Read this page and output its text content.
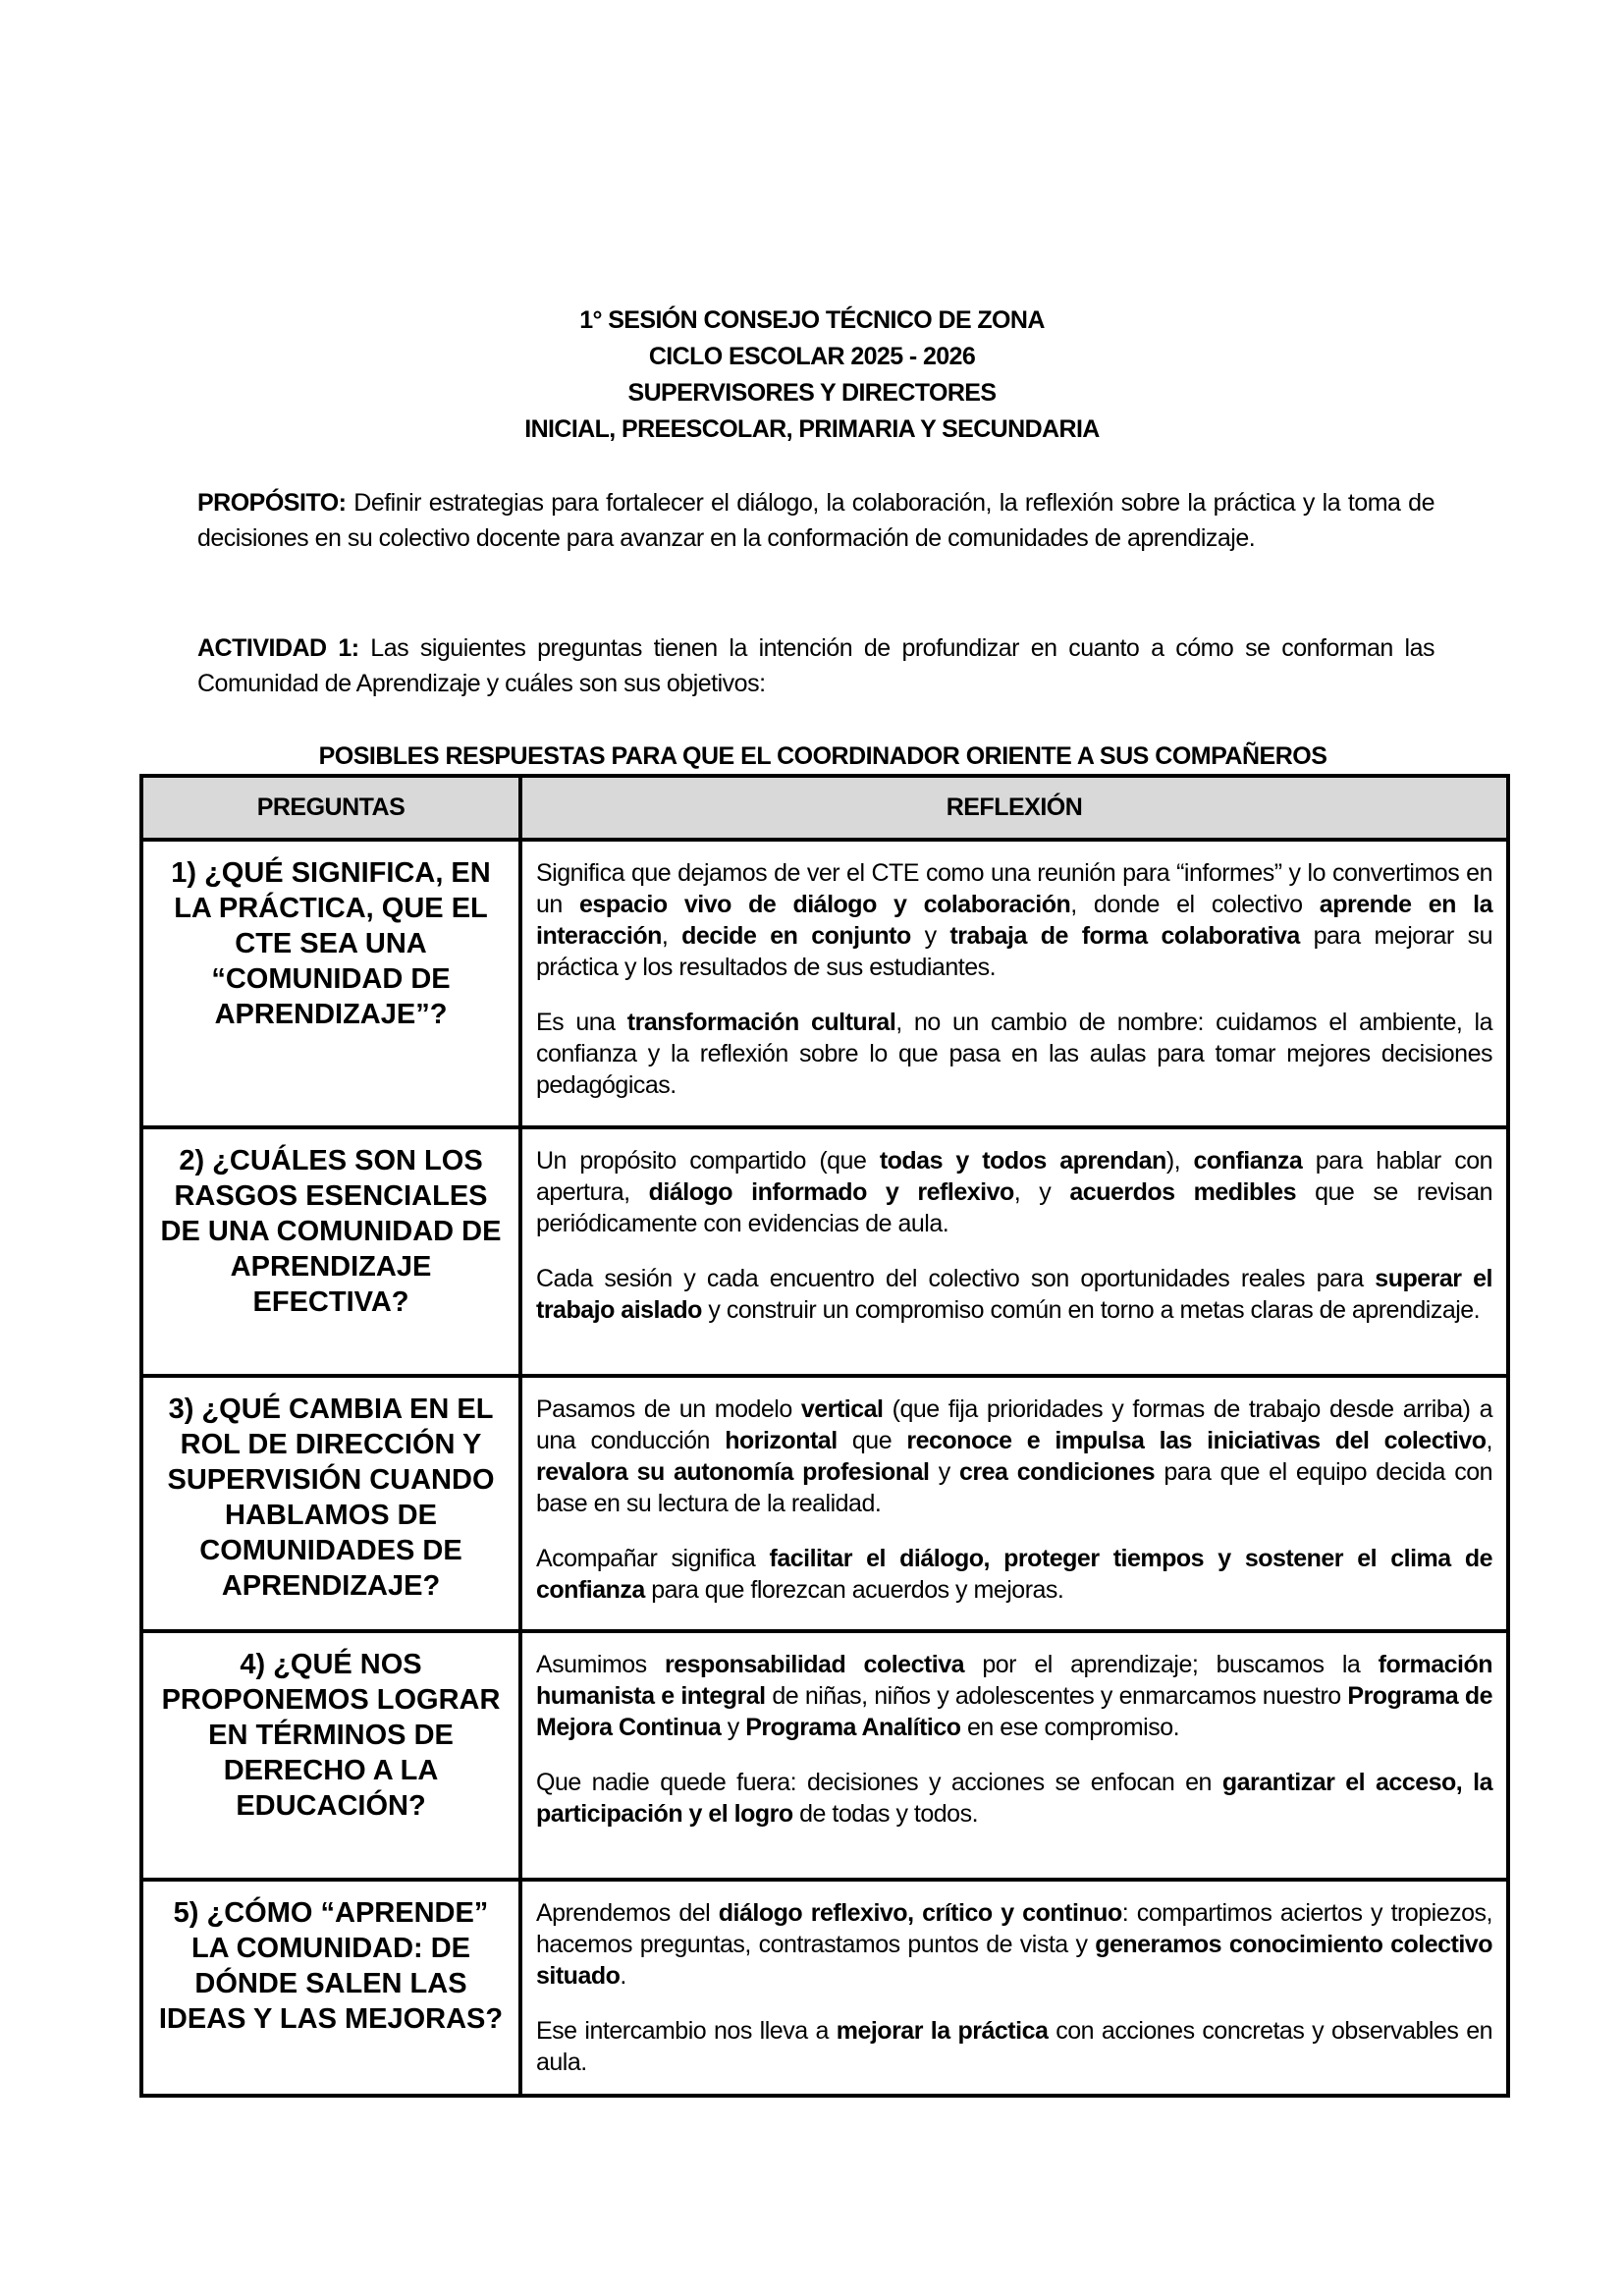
1° SESIÓN CONSEJO TÉCNICO DE ZONA
CICLO ESCOLAR 2025 - 2026
SUPERVISORES Y DIRECTORES
INICIAL, PREESCOLAR, PRIMARIA Y SECUNDARIA
PROPÓSITO: Definir estrategias para fortalecer el diálogo, la colaboración, la reflexión sobre la práctica y la toma de decisiones en su colectivo docente para avanzar en la conformación de comunidades de aprendizaje.
ACTIVIDAD 1: Las siguientes preguntas tienen la intención de profundizar en cuanto a cómo se conforman las Comunidad de Aprendizaje y cuáles son sus objetivos:
POSIBLES RESPUESTAS PARA QUE EL COORDINADOR ORIENTE A SUS COMPAÑEROS
PREGUNTAS	REFLEXIÓN
1) ¿QUÉ SIGNIFICA, EN LA PRÁCTICA, QUE EL CTE SEA UNA “COMUNIDAD DE APRENDIZAJE”?	Significa que dejamos de ver el CTE como una reunión para “informes” y lo convertimos en un espacio vivo de diálogo y colaboración, donde el colectivo aprende en la interacción, decide en conjunto y trabaja de forma colaborativa para mejorar su práctica y los resultados de sus estudiantes.

Es una transformación cultural, no un cambio de nombre: cuidamos el ambiente, la confianza y la reflexión sobre lo que pasa en las aulas para tomar mejores decisiones pedagógicas.

2) ¿CUÁLES SON LOS RASGOS ESENCIALES DE UNA COMUNIDAD DE APRENDIZAJE EFECTIVA?	Un propósito compartido (que todas y todos aprendan), confianza para hablar con apertura, diálogo informado y reflexivo, y acuerdos medibles que se revisan periódicamente con evidencias de aula.

Cada sesión y cada encuentro del colectivo son oportunidades reales para superar el trabajo aislado y construir un compromiso común en torno a metas claras de aprendizaje.

3) ¿QUÉ CAMBIA EN EL ROL DE DIRECCIÓN Y SUPERVISIÓN CUANDO HABLAMOS DE COMUNIDADES DE APRENDIZAJE?	Pasamos de un modelo vertical (que fija prioridades y formas de trabajo desde arriba) a una conducción horizontal que reconoce e impulsa las iniciativas del colectivo, revalora su autonomía profesional y crea condiciones para que el equipo decida con base en su lectura de la realidad.

Acompañar significa facilitar el diálogo, proteger tiempos y sostener el clima de confianza para que florezcan acuerdos y mejoras.

4) ¿QUÉ NOS PROPONEMOS LOGRAR EN TÉRMINOS DE DERECHO A LA EDUCACIÓN?	Asumimos responsabilidad colectiva por el aprendizaje; buscamos la formación humanista e integral de niñas, niños y adolescentes y enmarcamos nuestro Programa de Mejora Continua y Programa Analítico en ese compromiso.

Que nadie quede fuera: decisiones y acciones se enfocan en garantizar el acceso, la participación y el logro de todas y todos.

5) ¿CÓMO “APRENDE” LA COMUNIDAD: DE DÓNDE SALEN LAS IDEAS Y LAS MEJORAS?	Aprendemos del diálogo reflexivo, crítico y continuo: compartimos aciertos y tropiezos, hacemos preguntas, contrastamos puntos de vista y generamos conocimiento colectivo situado.

Ese intercambio nos lleva a mejorar la práctica con acciones concretas y observables en aula.
